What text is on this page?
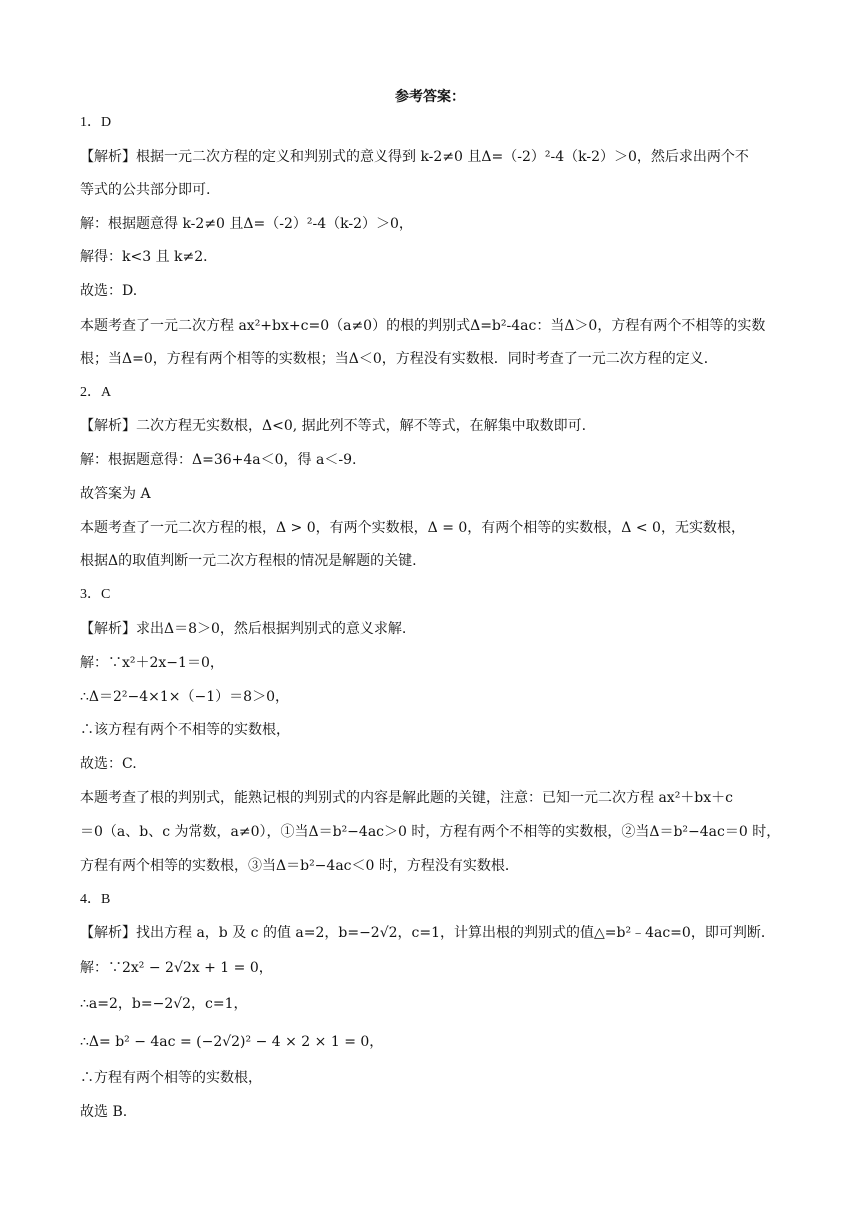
参考答案：
1．D
【解析】根据一元二次方程的定义和判别式的意义得到 k-2≠0 且Δ=（-2）²-4（k-2）＞0，然后求出两个不
等式的公共部分即可.
解：根据题意得 k-2≠0 且Δ=（-2）²-4（k-2）＞0，
解得：k<3 且 k≠2．
故选：D.
本题考查了一元二次方程 ax²+bx+c=0（a≠0）的根的判别式Δ=b²-4ac：当Δ＞0，方程有两个不相等的实数
根；当Δ=0，方程有两个相等的实数根；当Δ＜0，方程没有实数根．同时考查了一元二次方程的定义．
2．A
【解析】二次方程无实数根，Δ<0, 据此列不等式，解不等式，在解集中取数即可.
解：根据题意得：Δ=36+4a＜0，得 a＜-9.
故答案为 A
本题考查了一元二次方程的根，Δ > 0，有两个实数根，Δ = 0，有两个相等的实数根，Δ < 0，无实数根，
根据Δ的取值判断一元二次方程根的情况是解题的关键.
3．C
【解析】求出Δ＝8＞0，然后根据判别式的意义求解.
解：∵x²＋2x−1＝0，
∴Δ＝2²−4×1×（−1）＝8＞0，
∴该方程有两个不相等的实数根，
故选：C.
本题考查了根的判别式，能熟记根的判别式的内容是解此题的关键，注意：已知一元二次方程 ax²＋bx＋c
＝0（a、b、c 为常数，a≠0），①当Δ＝b²−4ac＞0 时，方程有两个不相等的实数根，②当Δ＝b²−4ac＝0 时，
方程有两个相等的实数根，③当Δ＝b²−4ac＜0 时，方程没有实数根．
4．B
【解析】找出方程 a，b 及 c 的值 a=2，b=−2√2，c=1，计算出根的判别式的值△=b²﹣4ac=0，即可判断．
解：∵2x² − 2√2x + 1 = 0，
∴a=2，b=−2√2，c=1，
∴Δ= b² − 4ac = (−2√2)² − 4 × 2 × 1 = 0，
∴方程有两个相等的实数根，
故选 B.
